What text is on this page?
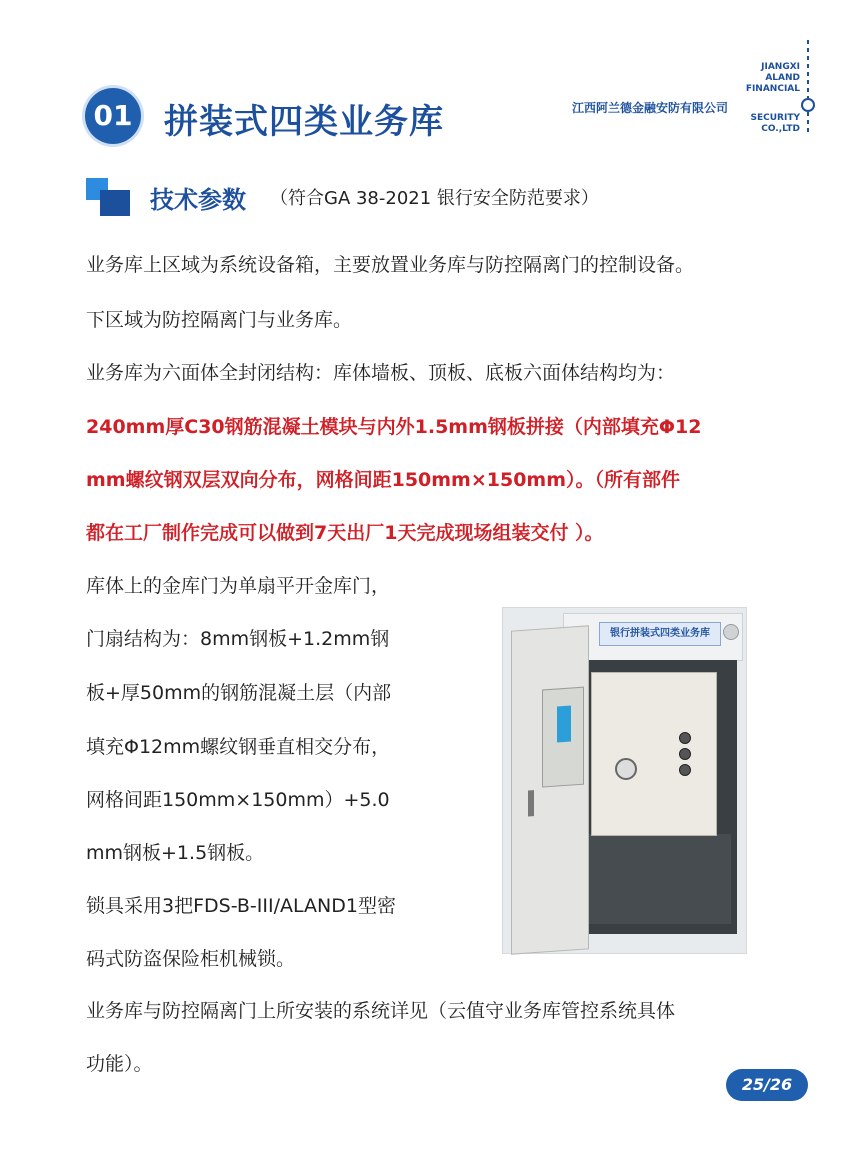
01 拼装式四类业务库
JIANGXI
ALAND
FINANCIAL
江西阿兰德金融安防有限公司
SECURITY
CO.,LTD
技术参数 （符合GA 38-2021 银行安全防范要求）
业务库上区域为系统设备箱，主要放置业务库与防控隔离门的控制设备。
下区域为防控隔离门与业务库。
业务库为六面体全封闭结构：库体墙板、顶板、底板六面体结构均为：
240mm厚C30钢筋混凝土模块与内外1.5mm钢板拼接（内部填充Φ12
mm螺纹钢双层双向分布，网格间距150mm×150mm）。（所有部件
都在工厂制作完成可以做到7天出厂1天完成现场组装交付 ）。
库体上的金库门为单扇平开金库门，
门扇结构为：8mm钢板+1.2mm钢
板+厚50mm的钢筋混凝土层（内部
填充Φ12mm螺纹钢垂直相交分布，
网格间距150mm×150mm）+5.0
mm钢板+1.5钢板。
锁具采用3把FDS-B-III/ALAND1型密
码式防盗保险柜机械锁。
业务库与防控隔离门上所安装的系统详见（云值守业务库管控系统具体
功能）。
银行拼装式四类业务库
25/26
